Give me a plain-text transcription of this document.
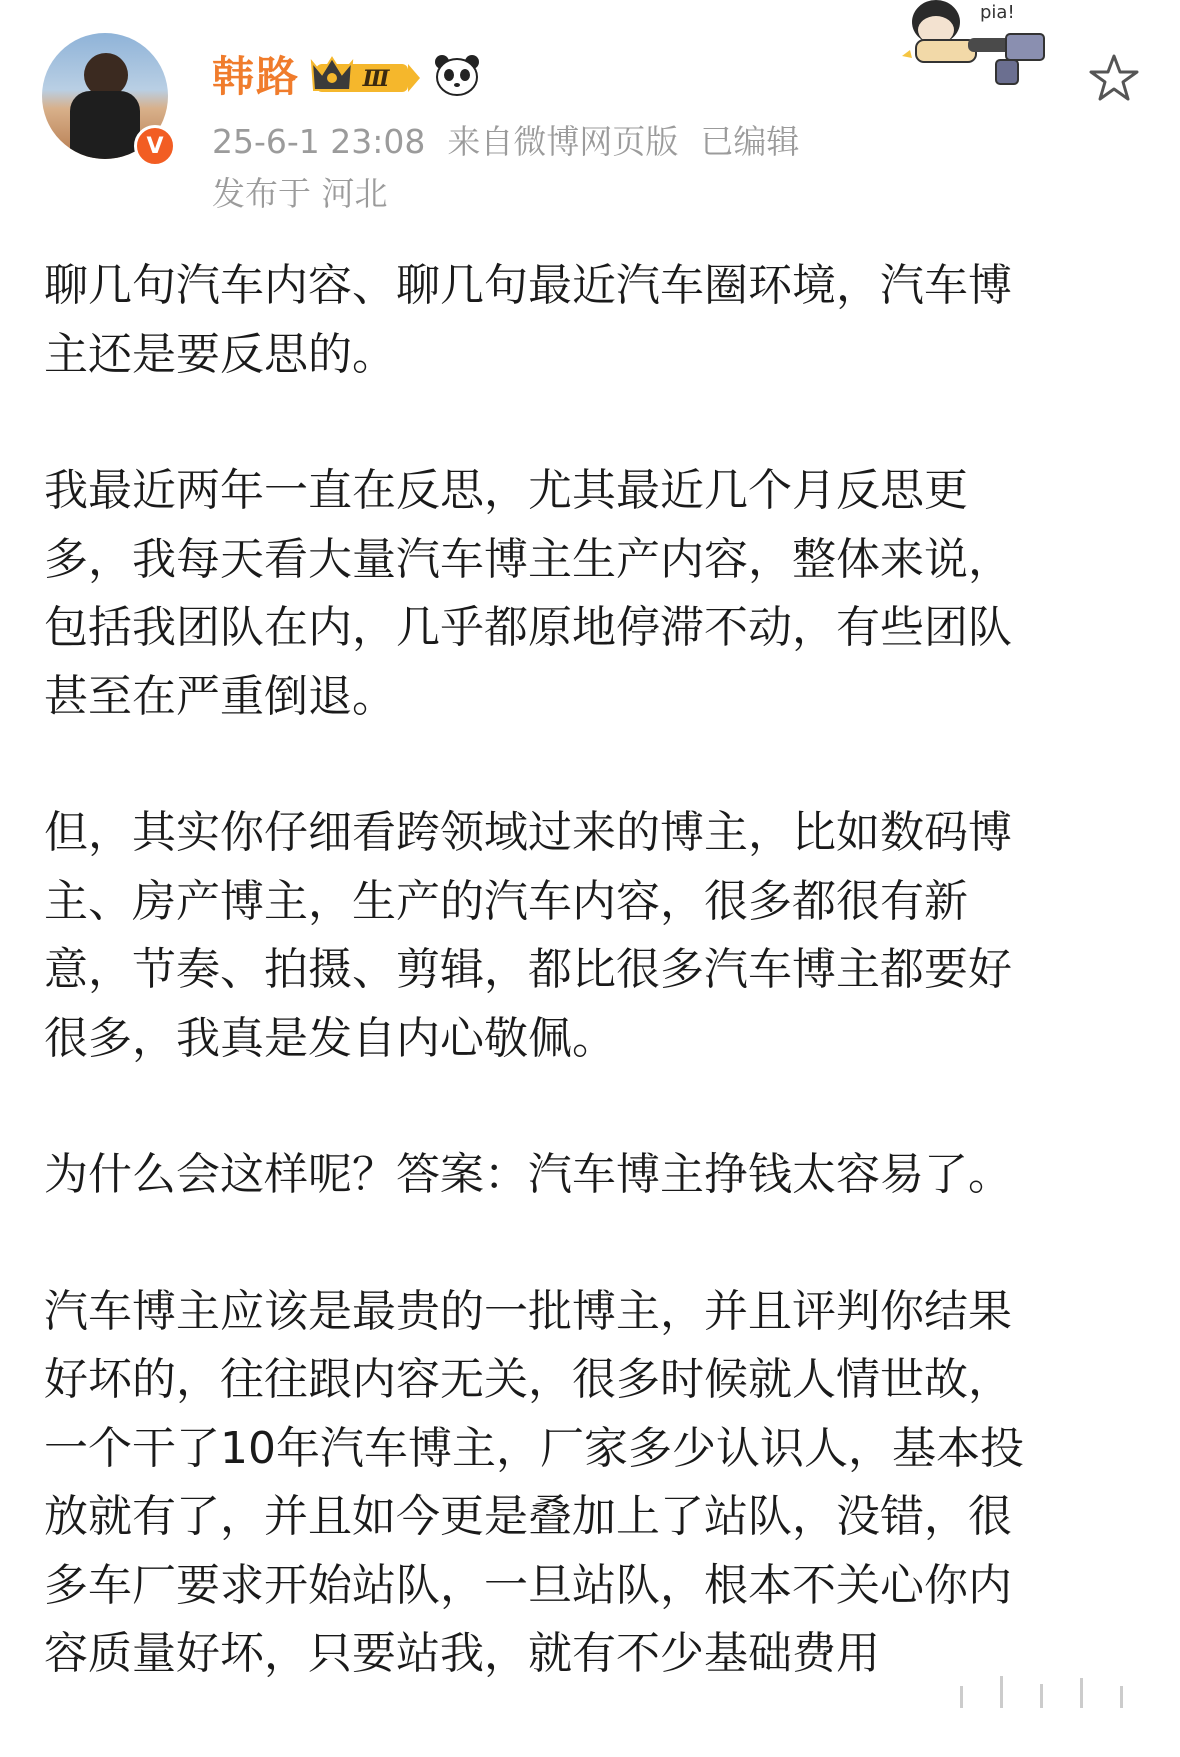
V
韩路	Ⅲ
25-6-1 23:08 来自微博网页版 已编辑
发布于 河北
pia!

聊几句汽车内容、聊几句最近汽车圈环境，汽车博
主还是要反思的。

我最近两年一直在反思，尤其最近几个月反思更
多，我每天看大量汽车博主生产内容，整体来说，
包括我团队在内，几乎都原地停滞不动，有些团队
甚至在严重倒退。

但，其实你仔细看跨领域过来的博主，比如数码博
主、房产博主，生产的汽车内容，很多都很有新
意，节奏、拍摄、剪辑，都比很多汽车博主都要好
很多，我真是发自内心敬佩。

为什么会这样呢？答案：汽车博主挣钱太容易了。

汽车博主应该是最贵的一批博主，并且评判你结果
好坏的，往往跟内容无关，很多时候就人情世故，
一个干了10年汽车博主，厂家多少认识人，基本投
放就有了，并且如今更是叠加上了站队，没错，很
多车厂要求开始站队，一旦站队，根本不关心你内
容质量好坏，只要站我，就有不少基础费用
